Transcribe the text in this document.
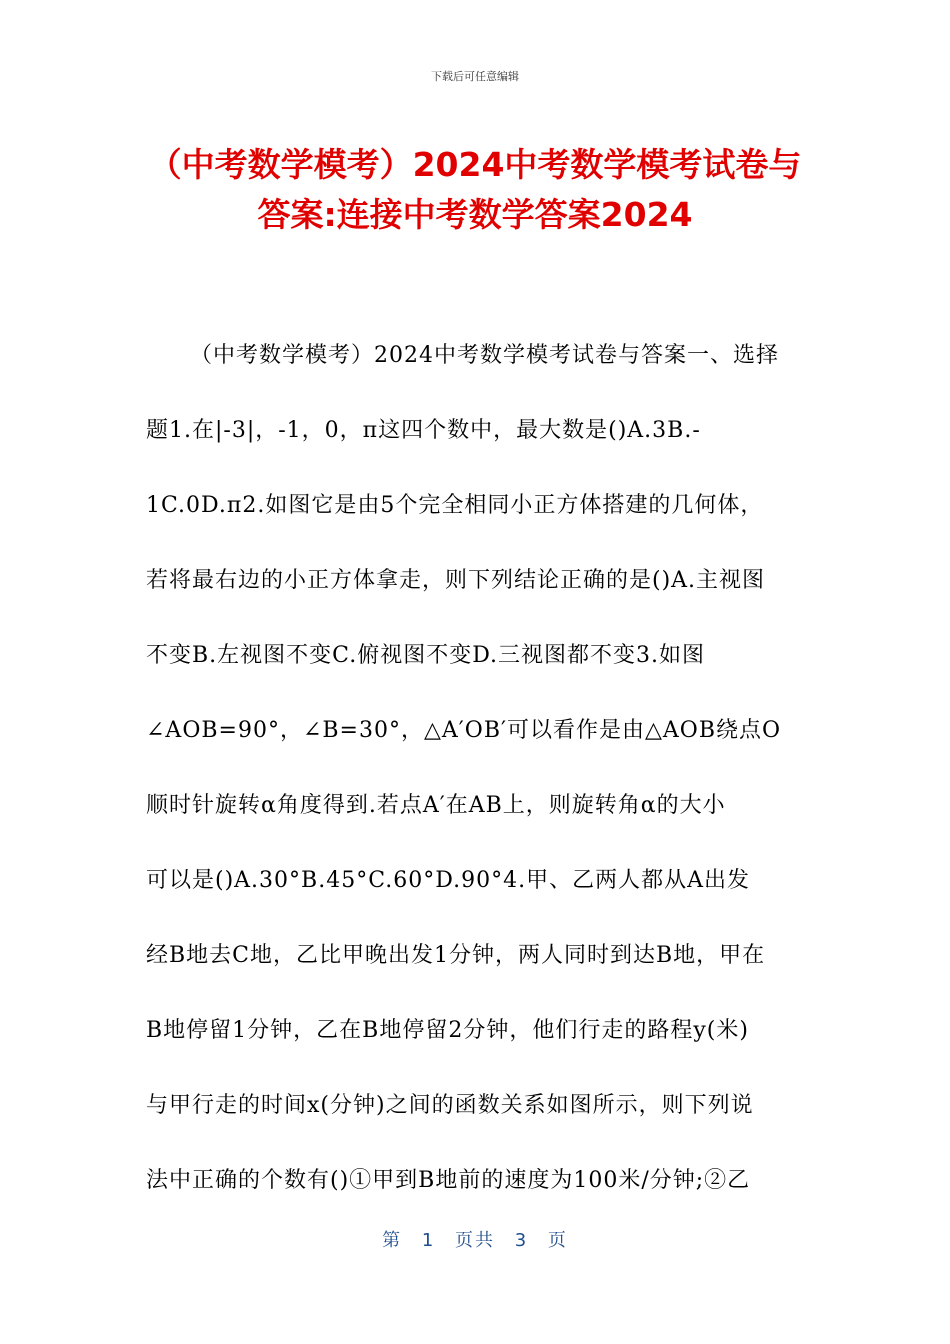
下载后可任意编辑
（中考数学模考）2024中考数学模考试卷与
答案:连接中考数学答案2024
（中考数学模考）2024中考数学模考试卷与答案一、选择
题1.在|-3|，-1，0，π这四个数中，最大数是()A.3B.-
1C.0D.π2.如图它是由5个完全相同小正方体搭建的几何体，
若将最右边的小正方体拿走，则下列结论正确的是()A.主视图
不变B.左视图不变C.俯视图不变D.三视图都不变3.如图
∠AOB=90°，∠B=30°，△A′OB′可以看作是由△AOB绕点O
顺时针旋转α角度得到.若点A′在AB上，则旋转角α的大小
可以是()A.30°B.45°C.60°D.90°4.甲、乙两人都从A出发
经B地去C地，乙比甲晚出发1分钟，两人同时到达B地，甲在
B地停留1分钟，乙在B地停留2分钟，他们行走的路程y(米)
与甲行走的时间x(分钟)之间的函数关系如图所示，则下列说
法中正确的个数有()①甲到B地前的速度为100米/分钟;②乙
第 1 页共 3 页
